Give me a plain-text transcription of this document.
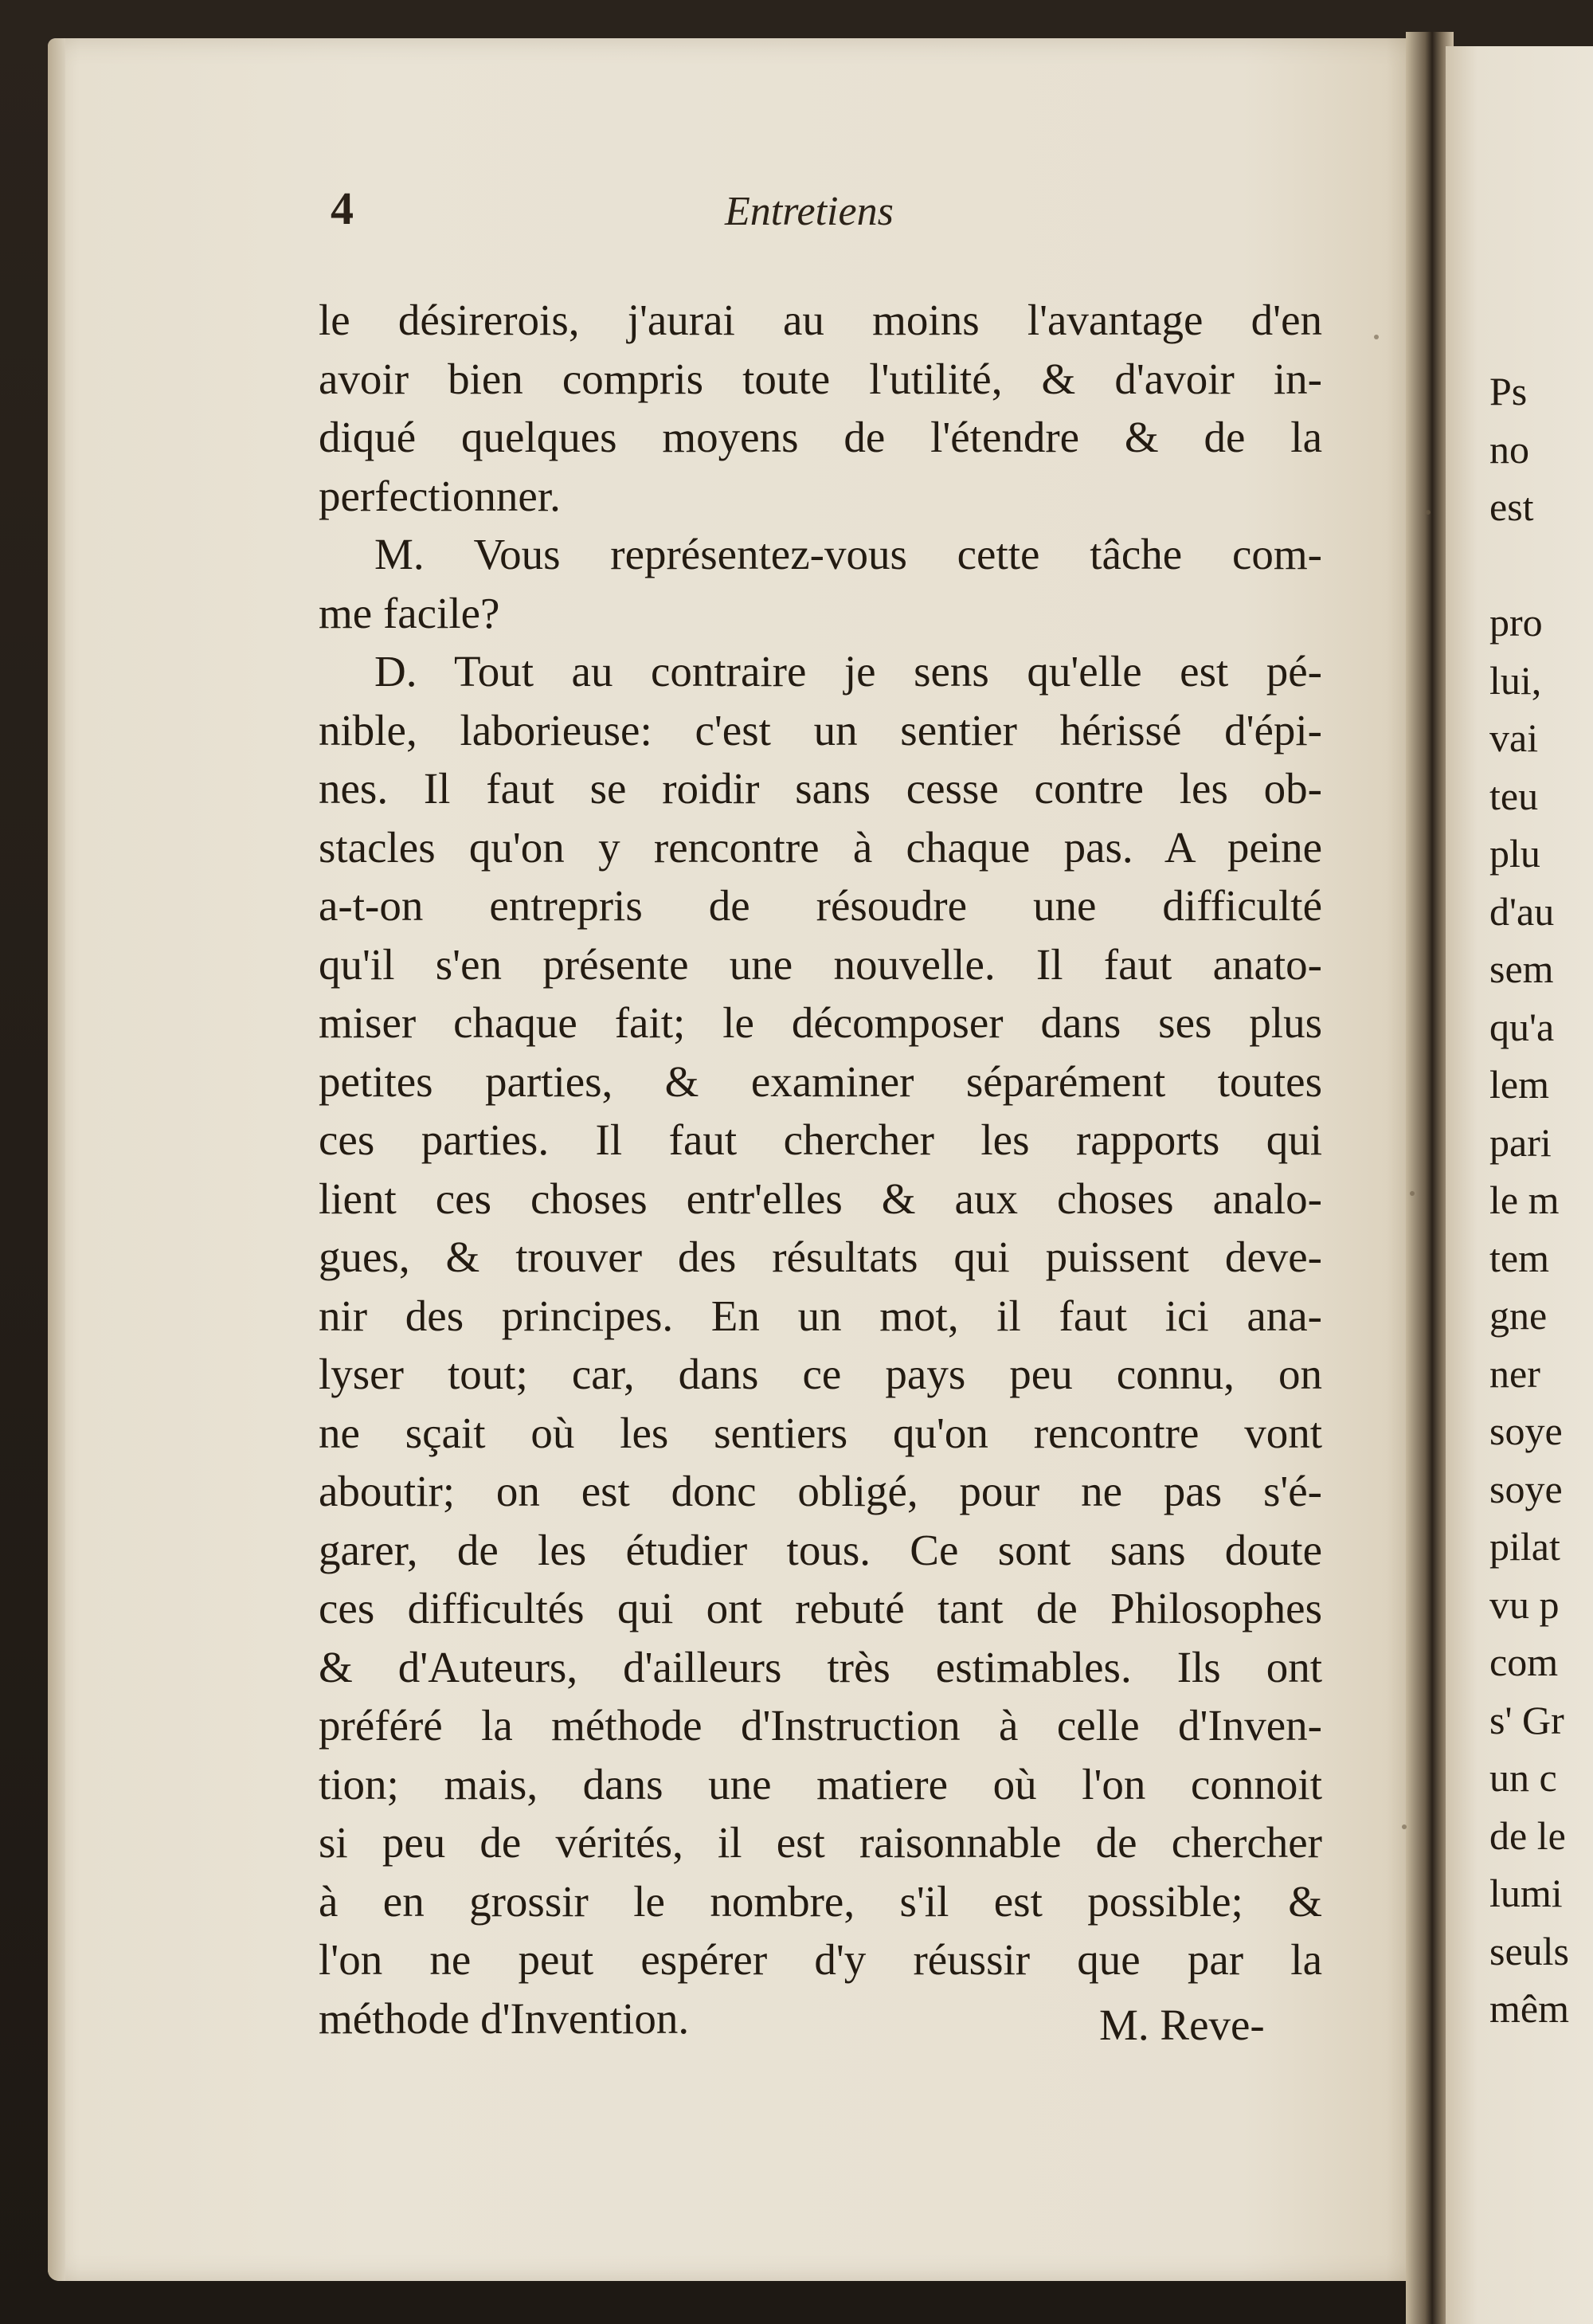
4	Entretiens
le désirerois, j'aurai au moins l'avantage d'en
avoir bien compris toute l'utilité, & d'avoir in-
diqué quelques moyens de l'étendre & de la
perfectionner.
M. Vous représentez-vous cette tâche com-
me facile?
D. Tout au contraire je sens qu'elle est pé-
nible, laborieuse: c'est un sentier hérissé d'épi-
nes. Il faut se roidir sans cesse contre les ob-
stacles qu'on y rencontre à chaque pas. A peine
a-t-on entrepris de résoudre une difficulté
qu'il s'en présente une nouvelle. Il faut anato-
miser chaque fait; le décomposer dans ses plus
petites parties, & examiner séparément toutes
ces parties. Il faut chercher les rapports qui
lient ces choses entr'elles & aux choses analo-
gues, & trouver des résultats qui puissent deve-
nir des principes. En un mot, il faut ici ana-
lyser tout; car, dans ce pays peu connu, on
ne sçait où les sentiers qu'on rencontre vont
aboutir; on est donc obligé, pour ne pas s'é-
garer, de les étudier tous. Ce sont sans doute
ces difficultés qui ont rebuté tant de Philosophes
& d'Auteurs, d'ailleurs très estimables. Ils ont
préféré la méthode d'Instruction à celle d'Inven-
tion; mais, dans une matiere où l'on connoit
si peu de vérités, il est raisonnable de chercher
à en grossir le nombre, s'il est possible; &
l'on ne peut espérer d'y réussir que par la
méthode d'Invention.	M. Reve-
Ps
no
est
pro
lui,
vai
teu
plu
d'au
sem
qu'a
lem
pari
le m
tem
gne
ner
soye
soye
pilat
vu p
com
s' Gr
un c
de le
lumi
seuls
mêm
